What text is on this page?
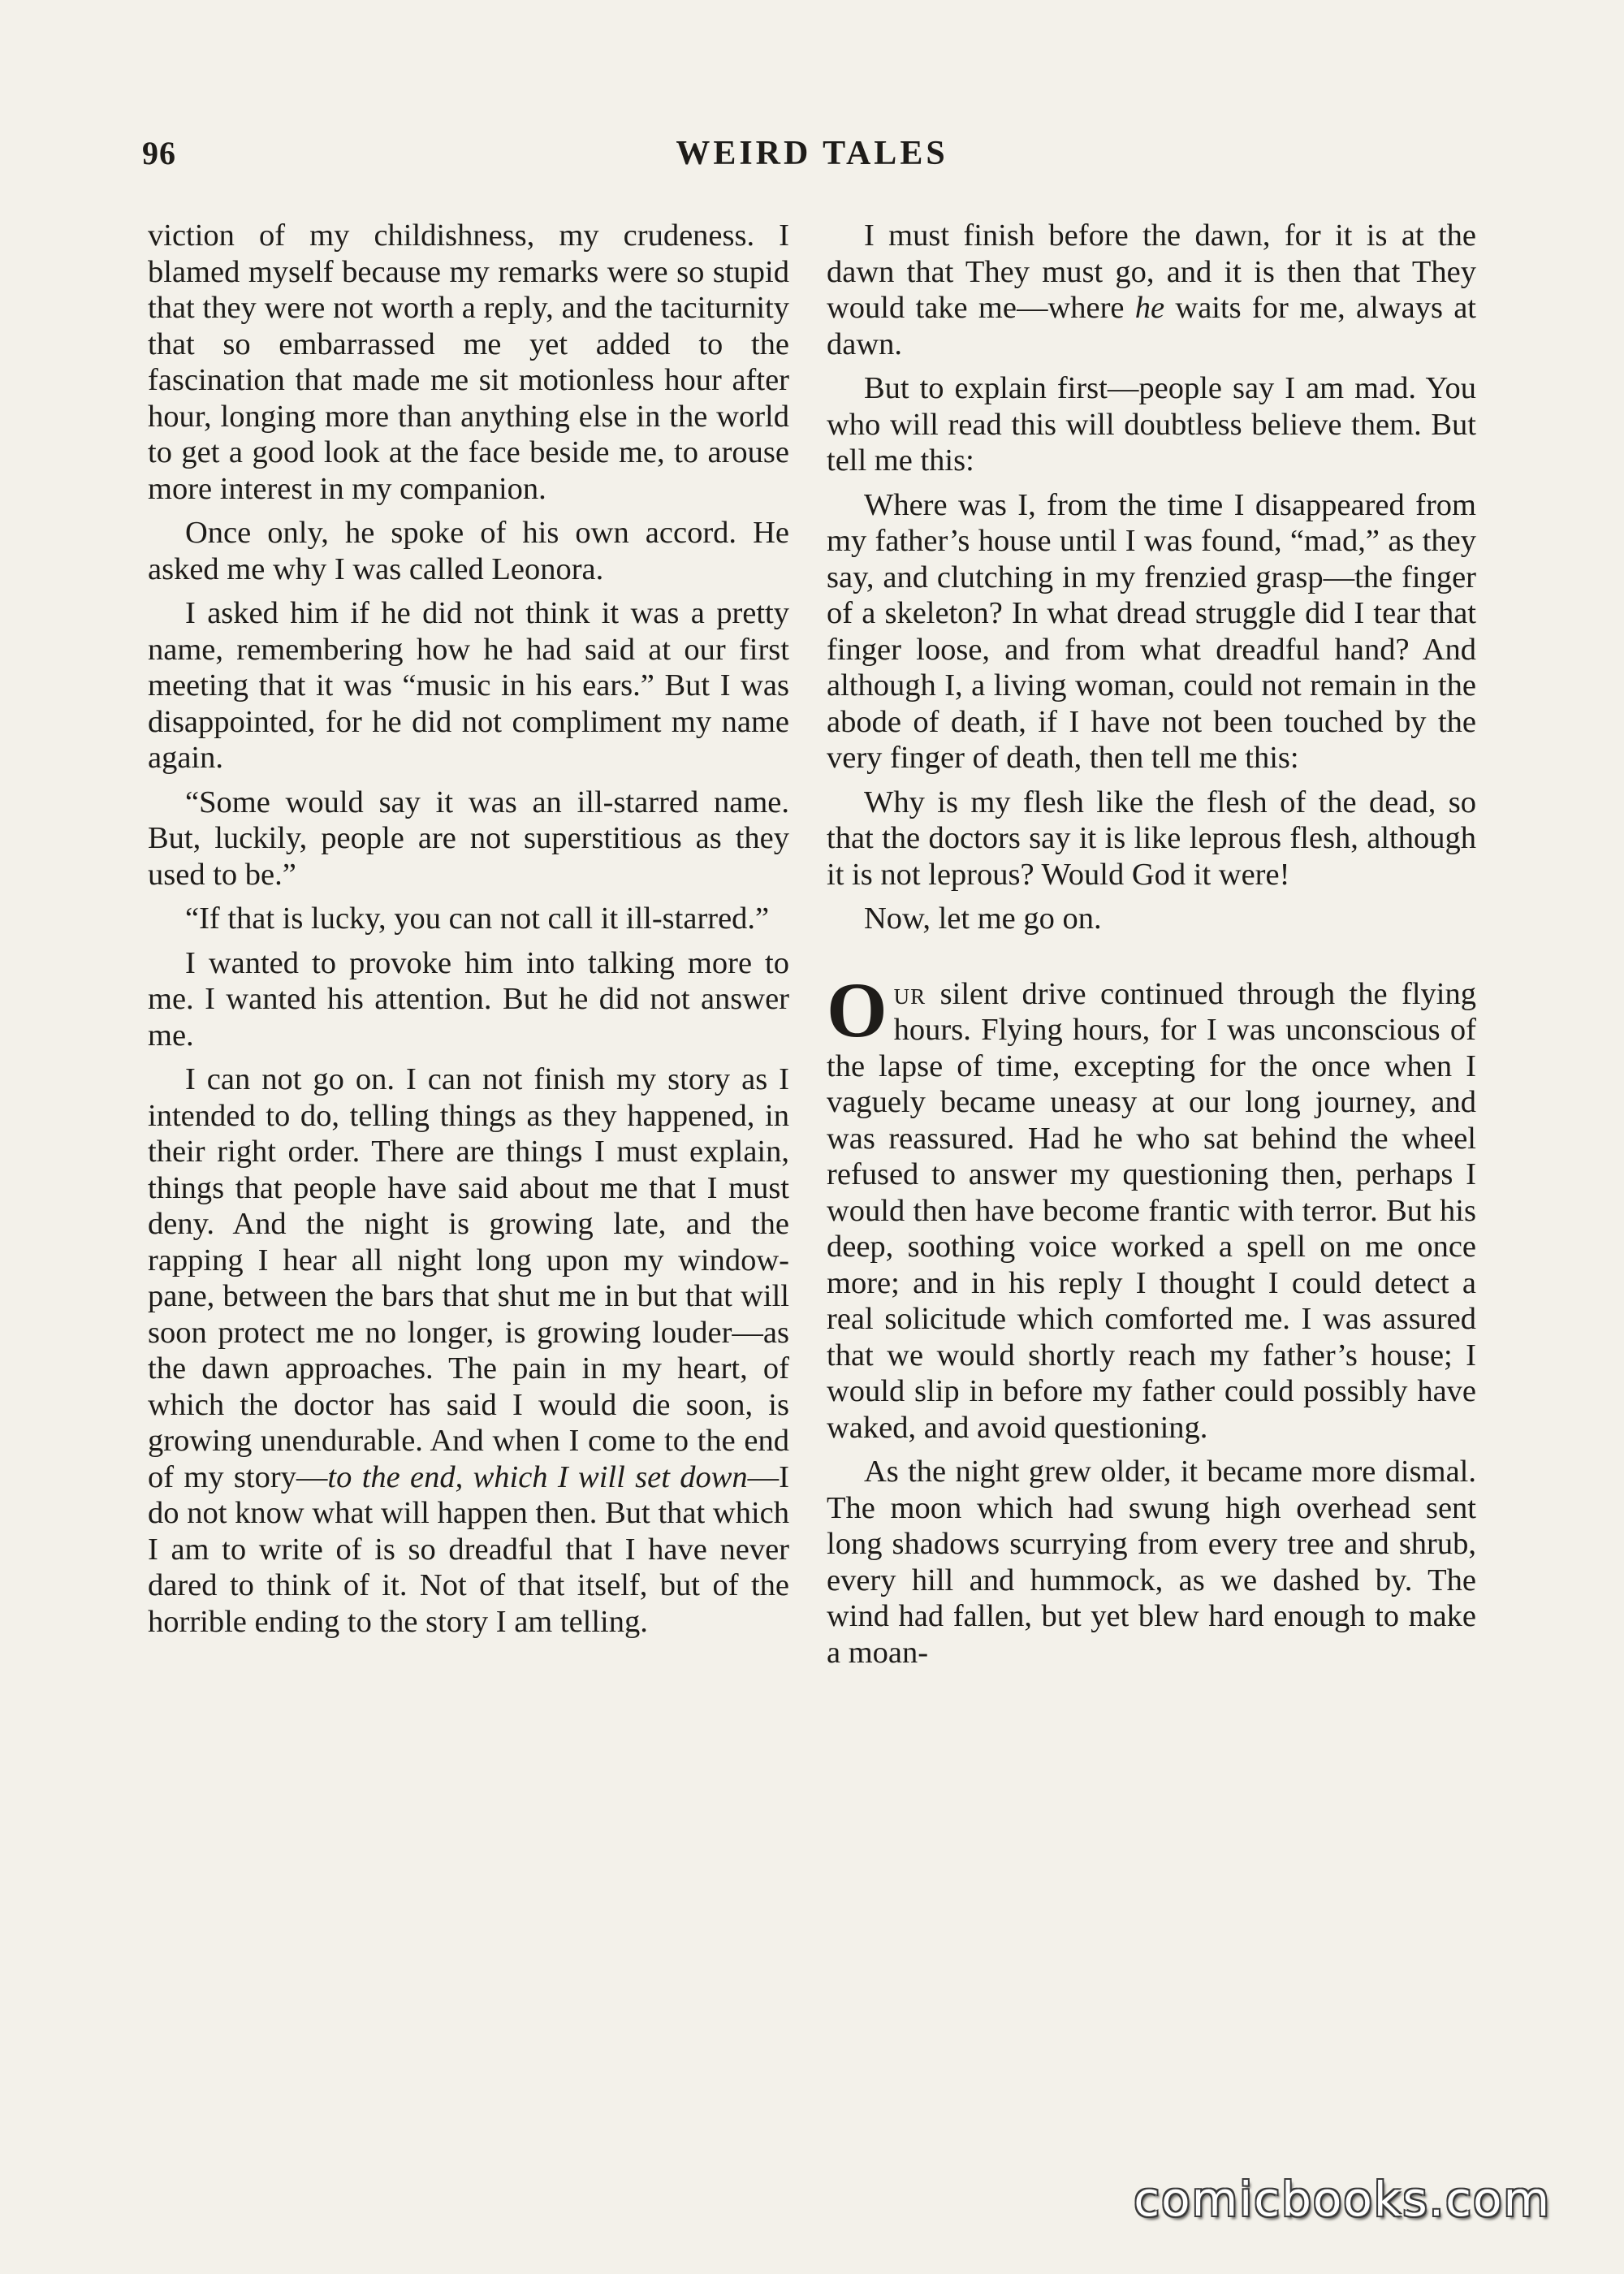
96	WEIRD TALES

viction of my childishness, my crudeness. I blamed myself because my remarks were so stupid that they were not worth a reply, and the taciturnity that so embarrassed me yet added to the fascination that made me sit motionless hour after hour, longing more than anything else in the world to get a good look at the face beside me, to arouse more interest in my companion.

Once only, he spoke of his own accord. He asked me why I was called Leonora.

I asked him if he did not think it was a pretty name, remembering how he had said at our first meeting that it was “music in his ears.” But I was disappointed, for he did not compliment my name again.

“Some would say it was an ill-starred name. But, luckily, people are not superstitious as they used to be.”

“If that is lucky, you can not call it ill-starred.”

I wanted to provoke him into talking more to me. I wanted his attention. But he did not answer me.

I can not go on. I can not finish my story as I intended to do, telling things as they happened, in their right order. There are things I must explain, things that people have said about me that I must deny. And the night is growing late, and the rapping I hear all night long upon my window-pane, between the bars that shut me in but that will soon protect me no longer, is growing louder—as the dawn approaches. The pain in my heart, of which the doctor has said I would die soon, is growing unendurable. And when I come to the end of my story—to the end, which I will set down—I do not know what will happen then. But that which I am to write of is so dreadful that I have never dared to think of it. Not of that itself, but of the horrible ending to the story I am telling.

I must finish before the dawn, for it is at the dawn that They must go, and it is then that They would take me—where he waits for me, always at dawn.

But to explain first—people say I am mad. You who will read this will doubtless believe them. But tell me this:

Where was I, from the time I disappeared from my father’s house until I was found, “mad,” as they say, and clutching in my frenzied grasp—the finger of a skeleton? In what dread struggle did I tear that finger loose, and from what dreadful hand? And although I, a living woman, could not remain in the abode of death, if I have not been touched by the very finger of death, then tell me this:

Why is my flesh like the flesh of the dead, so that the doctors say it is like leprous flesh, although it is not leprous? Would God it were!

Now, let me go on.

Our silent drive continued through the flying hours. Flying hours, for I was unconscious of the lapse of time, excepting for the once when I vaguely became uneasy at our long journey, and was reassured. Had he who sat behind the wheel refused to answer my questioning then, perhaps I would then have become frantic with terror. But his deep, soothing voice worked a spell on me once more; and in his reply I thought I could detect a real solicitude which comforted me. I was assured that we would shortly reach my father’s house; I would slip in before my father could possibly have waked, and avoid questioning.

As the night grew older, it became more dismal. The moon which had swung high overhead sent long shadows scurrying from every tree and shrub, every hill and hummock, as we dashed by. The wind had fallen, but yet blew hard enough to make a moan-

comicbooks.com
